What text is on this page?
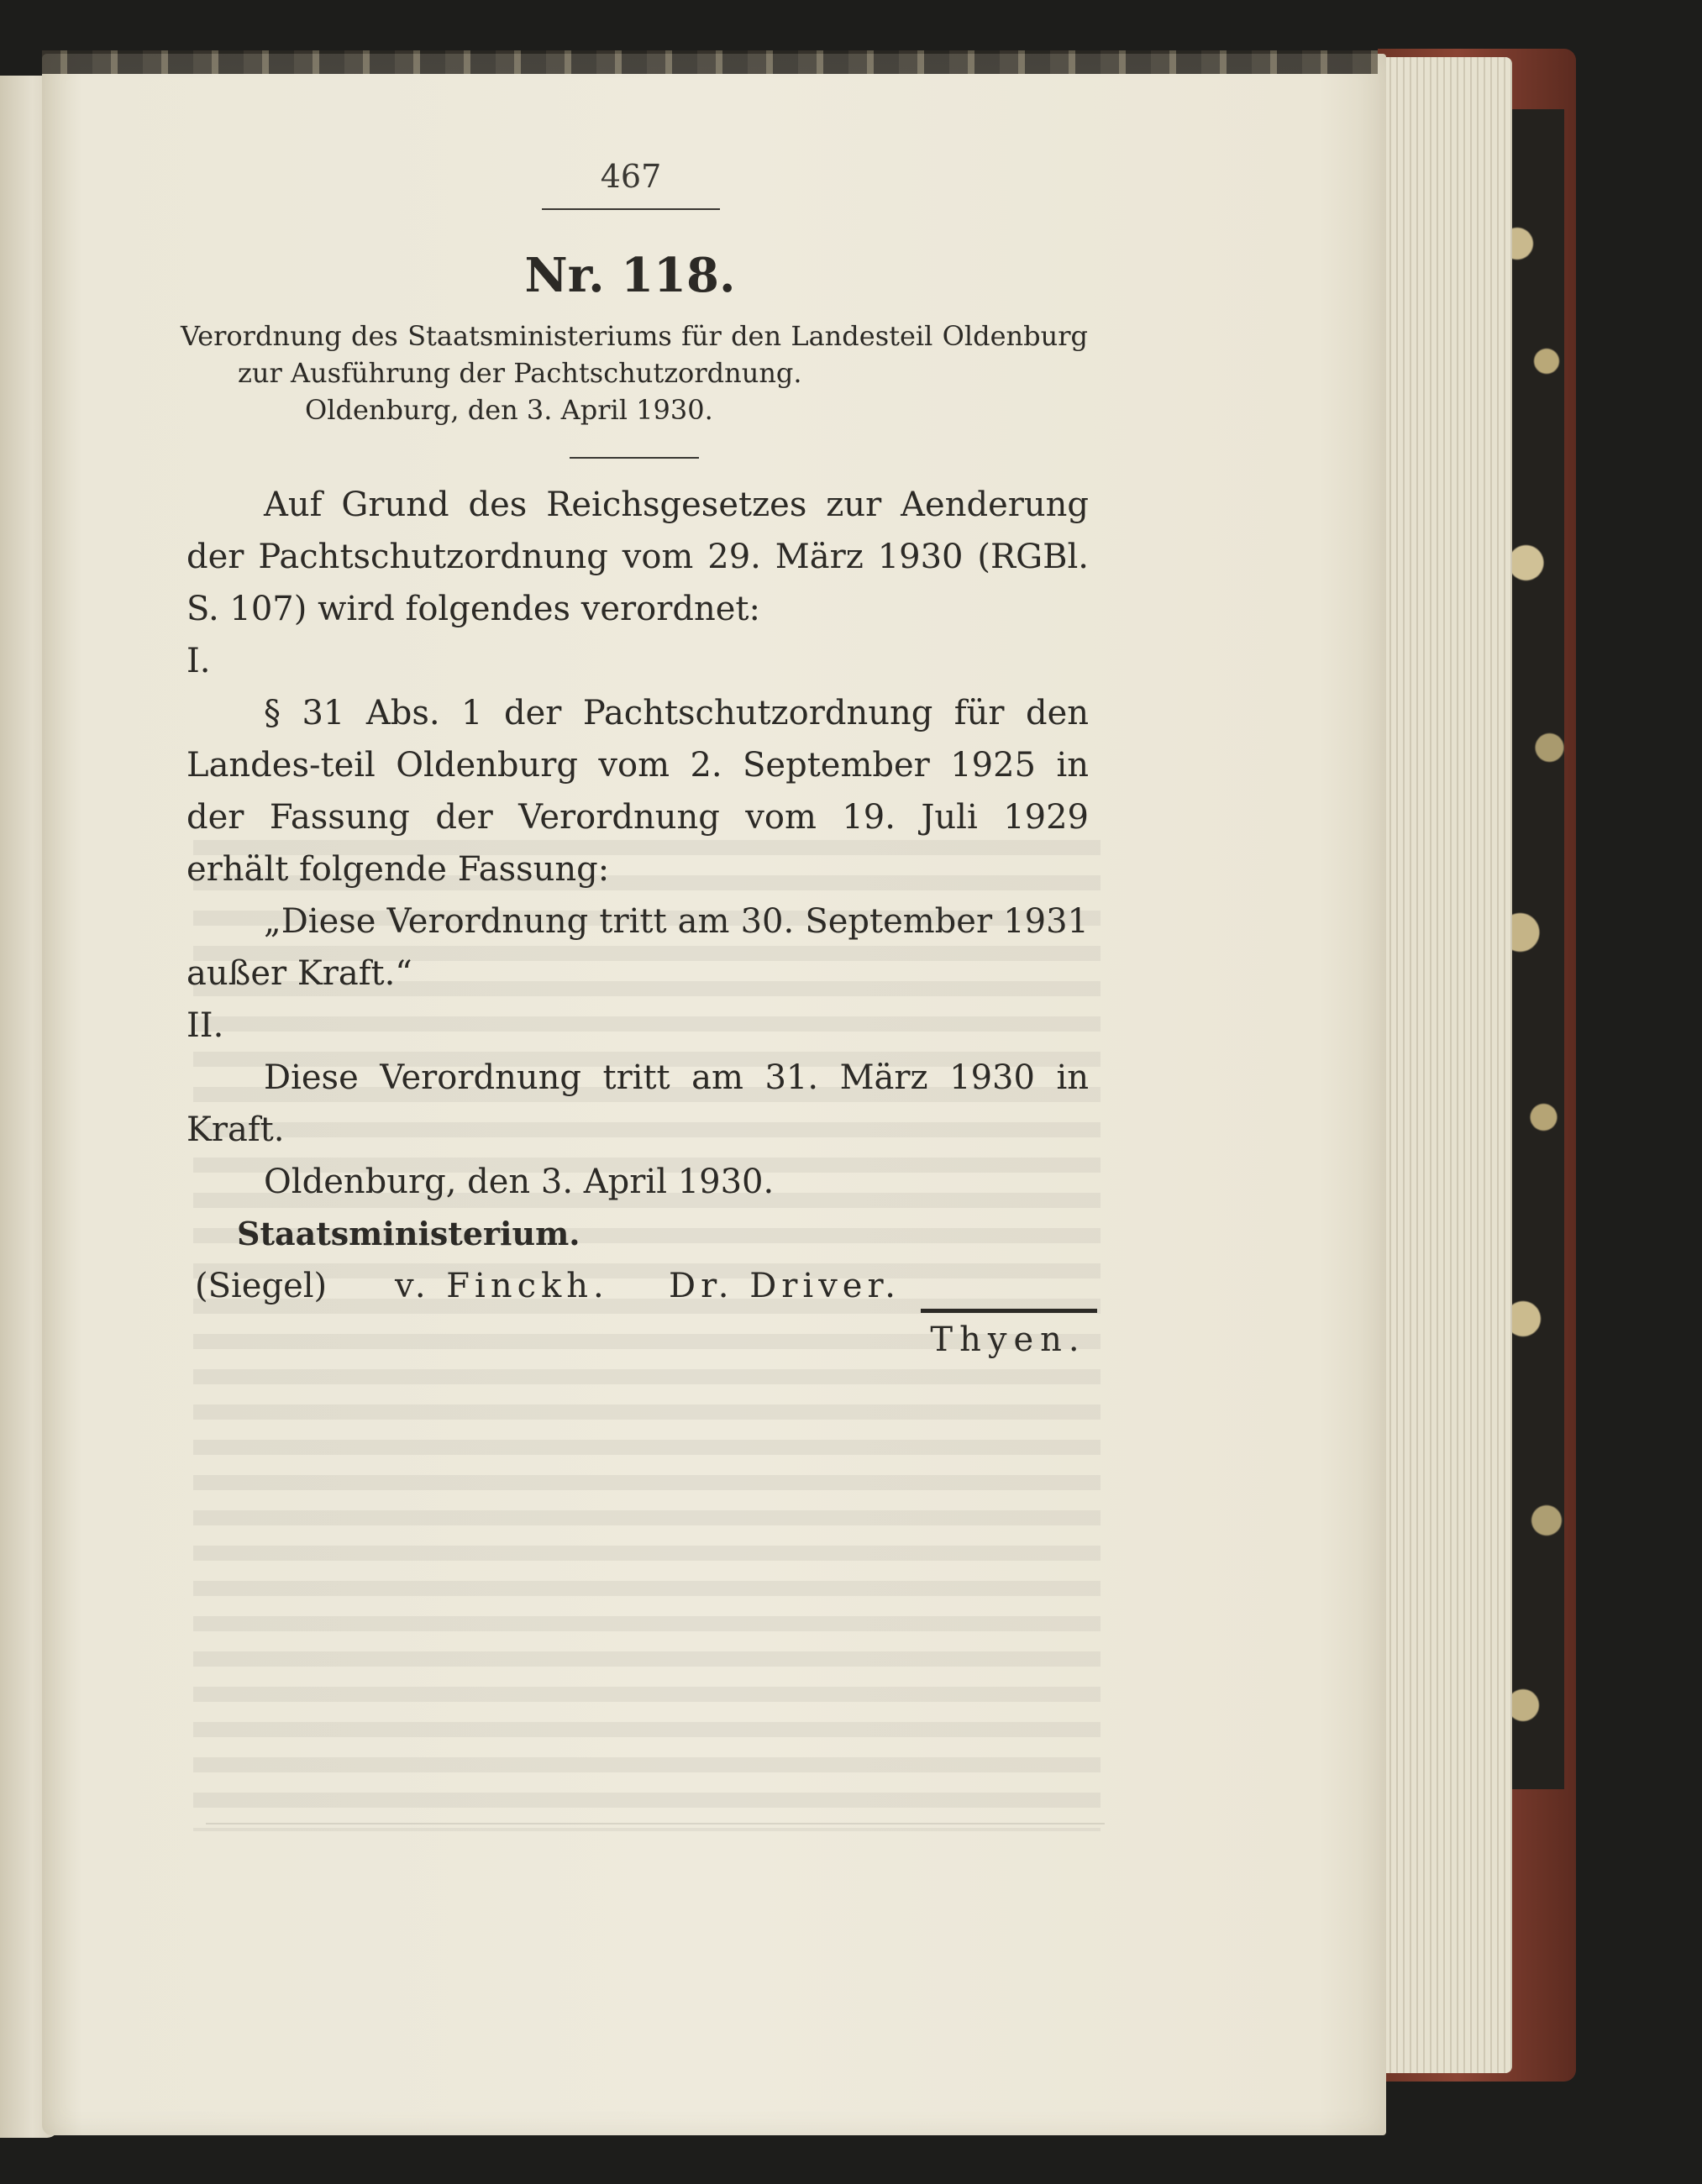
467
Nr. 118.
Verordnung des Staatsministeriums für den Landesteil Oldenburg
zur Ausführung der Pachtschutzordnung.
Oldenburg, den 3. April 1930.

Auf Grund des Reichsgesetzes zur Aenderung der Pachtschutzordnung vom 29. März 1930 (RGBl. S. 107) wird folgendes verordnet:

I.

§ 31 Abs. 1 der Pachtschutzordnung für den Landes-teil Oldenburg vom 2. September 1925 in der Fassung der Verordnung vom 19. Juli 1929 erhält folgende Fassung:

„Diese Verordnung tritt am 30. September 1931 außer Kraft.“

II.

Diese Verordnung tritt am 31. März 1930 in Kraft.

Oldenburg, den 3. April 1930.

Staatsministerium.

(Siegel) v. Finckh. Dr. Driver.
Thyen.
